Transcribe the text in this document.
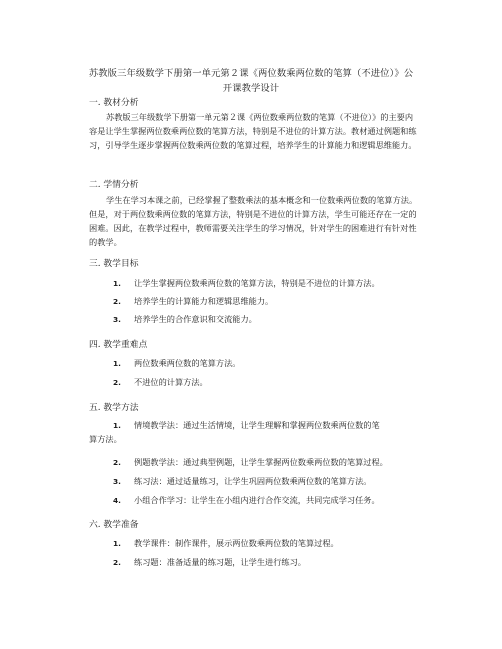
苏教版三年级数学下册第一单元第２课《两位数乘两位数的笔算（不进位）》公
开课教学设计
一. 教材分析
苏教版三年级数学下册第一单元第２课《两位数乘两位数的笔算（不进位）》的主要内容是让学生掌握两位数乘两位数的笔算方法，特别是不进位的计算方法。教材通过例题和练习，引导学生逐步掌握两位数乘两位数的笔算过程，培养学生的计算能力和逻辑思维能力。
二. 学情分析
学生在学习本课之前，已经掌握了整数乘法的基本概念和一位数乘两位数的笔算方法。但是，对于两位数乘两位数的笔算方法，特别是不进位的计算方法，学生可能还存在一定的困难。因此，在教学过程中，教师需要关注学生的学习情况，针对学生的困难进行有针对性的教学。
三. 教学目标
1. 让学生掌握两位数乘两位数的笔算方法，特别是不进位的计算方法。
2. 培养学生的计算能力和逻辑思维能力。
3. 培养学生的合作意识和交流能力。
四. 教学重难点
1. 两位数乘两位数的笔算方法。
2. 不进位的计算方法。
五. 教学方法
1. 情境教学法：通过生活情境，让学生理解和掌握两位数乘两位数的笔
算方法。
2. 例题教学法：通过典型例题，让学生掌握两位数乘两位数的笔算过程。
3. 练习法：通过适量练习，让学生巩固两位数乘两位数的笔算方法。
4. 小组合作学习：让学生在小组内进行合作交流，共同完成学习任务。
六. 教学准备
1. 教学课件：制作课件，展示两位数乘两位数的笔算过程。
2. 练习题：准备适量的练习题，让学生进行练习。
